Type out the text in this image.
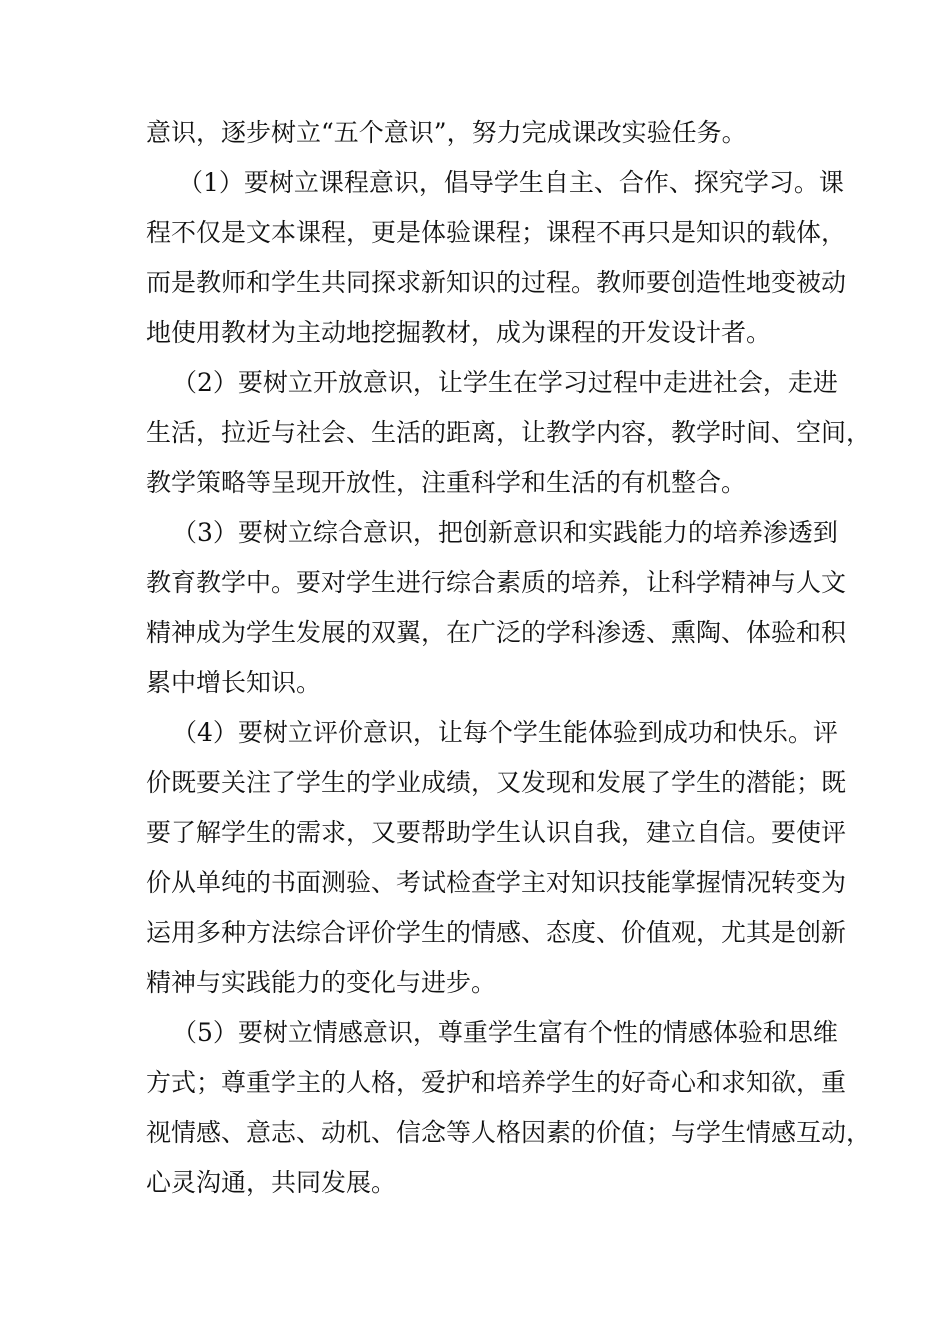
意识，逐步树立“五个意识”，努力完成课改实验任务。
（1）要树立课程意识，倡导学生自主、合作、探究学习。课
程不仅是文本课程，更是体验课程；课程不再只是知识的载体，
而是教师和学生共同探求新知识的过程。教师要创造性地变被动
地使用教材为主动地挖掘教材，成为课程的开发设计者。
（2）要树立开放意识，让学生在学习过程中走进社会，走进
生活，拉近与社会、生活的距离，让教学内容，教学时间、空间，
教学策略等呈现开放性，注重科学和生活的有机整合。
（3）要树立综合意识，把创新意识和实践能力的培养渗透到
教育教学中。要对学生进行综合素质的培养，让科学精神与人文
精神成为学生发展的双翼，在广泛的学科渗透、熏陶、体验和积
累中增长知识。
（4）要树立评价意识，让每个学生能体验到成功和快乐。评
价既要关注了学生的学业成绩，又发现和发展了学生的潜能；既
要了解学生的需求，又要帮助学生认识自我，建立自信。要使评
价从单纯的书面测验、考试检查学主对知识技能掌握情况转变为
运用多种方法综合评价学生的情感、态度、价值观，尤其是创新
精神与实践能力的变化与进步。
（5）要树立情感意识，尊重学生富有个性的情感体验和思维
方式；尊重学主的人格，爱护和培养学生的好奇心和求知欲，重
视情感、意志、动机、信念等人格因素的价值；与学生情感互动，
心灵沟通，共同发展。
